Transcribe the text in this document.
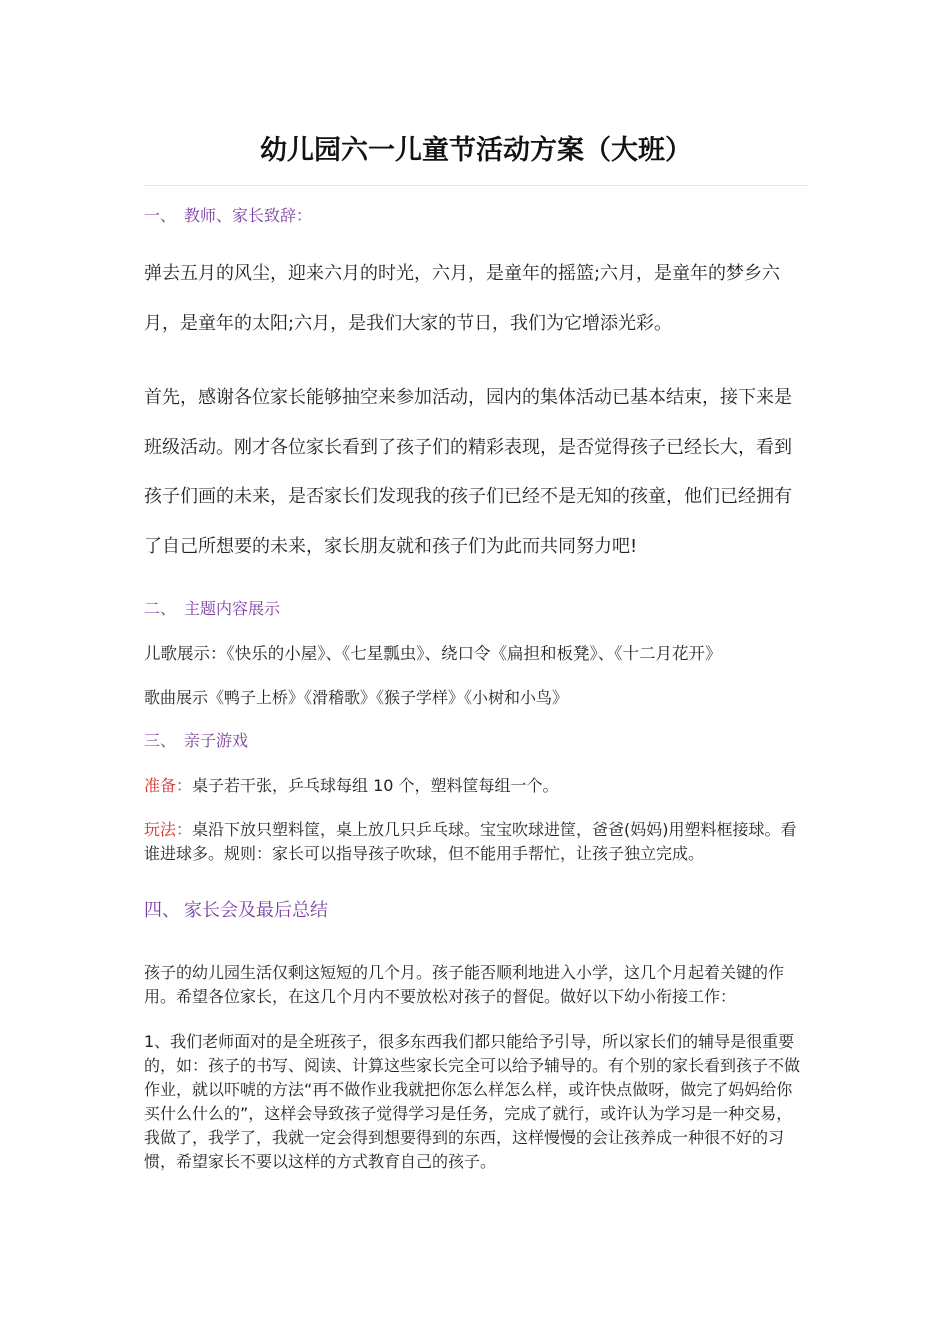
幼儿园六一儿童节活动方案（大班）
一、 教师、家长致辞：

弹去五月的风尘，迎来六月的时光，六月，是童年的摇篮;六月，是童年的梦乡六月，是童年的太阳;六月，是我们大家的节日，我们为它增添光彩。

首先，感谢各位家长能够抽空来参加活动，园内的集体活动已基本结束，接下来是班级活动。刚才各位家长看到了孩子们的精彩表现，是否觉得孩子已经长大，看到孩子们画的未来，是否家长们发现我的孩子们已经不是无知的孩童，他们已经拥有了自己所想要的未来，家长朋友就和孩子们为此而共同努力吧!

二、 主题内容展示
儿歌展示：《快乐的小屋》、《七星瓢虫》、绕口令《扁担和板凳》、《十二月花开》
歌曲展示《鸭子上桥》《滑稽歌》《猴子学样》《小树和小鸟》
三、 亲子游戏
准备：桌子若干张，乒乓球每组 10 个，塑料筐每组一个。

玩法：桌沿下放只塑料筐，桌上放几只乒乓球。宝宝吹球进筐，爸爸(妈妈)用塑料框接球。看谁进球多。规则：家长可以指导孩子吹球，但不能用手帮忙，让孩子独立完成。

四、 家长会及最后总结

孩子的幼儿园生活仅剩这短短的几个月。孩子能否顺利地进入小学，这几个月起着关键的作用。希望各位家长，在这几个月内不要放松对孩子的督促。做好以下幼小衔接工作：

1、我们老师面对的是全班孩子，很多东西我们都只能给予引导，所以家长们的辅导是很重要的，如：孩子的书写、阅读、计算这些家长完全可以给予辅导的。有个别的家长看到孩子不做作业，就以吓唬的方法“再不做作业我就把你怎么样怎么样，或许快点做呀，做完了妈妈给你买什么什么的”，这样会导致孩子觉得学习是任务，完成了就行，或许认为学习是一种交易，我做了，我学了，我就一定会得到想要得到的东西，这样慢慢的会让孩养成一种很不好的习惯，希望家长不要以这样的方式教育自己的孩子。
